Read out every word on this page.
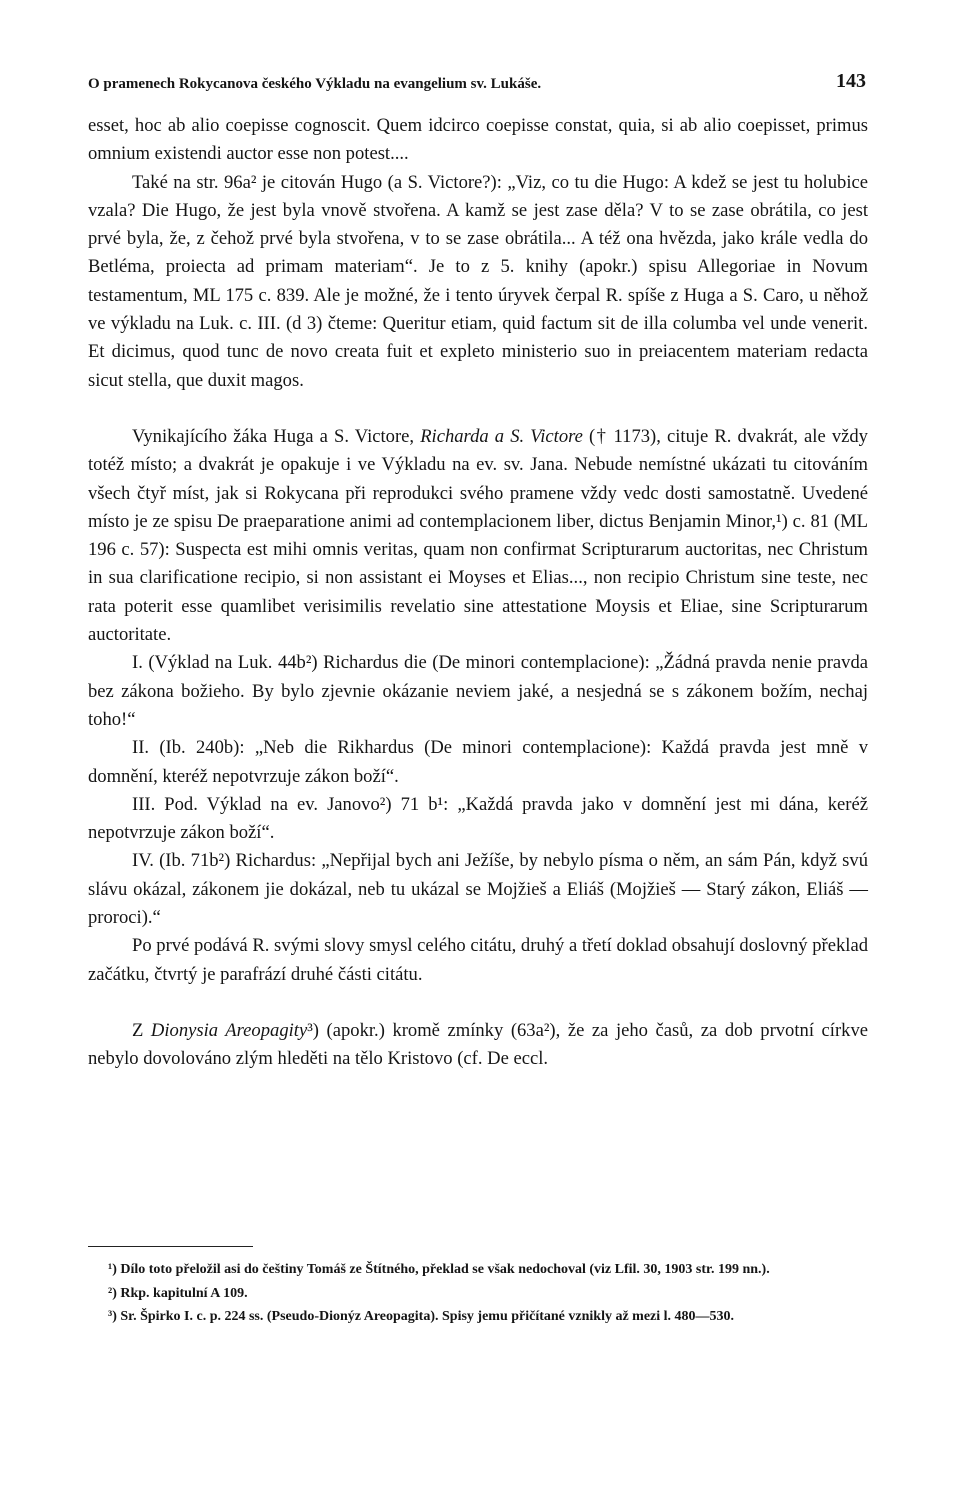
O pramenech Rokycanova českého Výkladu na evangelium sv. Lukáše.	143

esset, hoc ab alio coepisse cognoscit. Quem idcirco coepisse constat, quia, si ab alio coepisset, primus omnium existendi auctor esse non potest....

Také na str. 96a² je citován Hugo (a S. Victore?): „Viz, co tu die Hugo: A kdež se jest tu holubice vzala? Die Hugo, že jest byla vnově stvořena. A kamž se jest zase děla? V to se zase obrátila, co jest prvé byla, že, z čehož prvé byla stvořena, v to se zase obrátila... A též ona hvězda, jako krále vedla do Betléma, proiecta ad primam materiam“. Je to z 5. knihy (apokr.) spisu Allegoriae in Novum testamentum, ML 175 c. 839. Ale je možné, že i tento úryvek čerpal R. spíše z Huga a S. Caro, u něhož ve výkladu na Luk. c. III. (d 3) čteme: Queritur etiam, quid factum sit de illa columba vel unde venerit. Et dicimus, quod tunc de novo creata fuit et expleto ministerio suo in preiacentem materiam redacta sicut stella, que duxit magos.

Vynikajícího žáka Huga a S. Victore, Richarda a S. Victore († 1173), cituje R. dvakrát, ale vždy totéž místo; a dvakrát je opakuje i ve Výkladu na ev. sv. Jana. Nebude nemístné ukázati tu citováním všech čtyř míst, jak si Rokycana při reprodukci svého pramene vždy vedc dosti samostatně. Uvedené místo je ze spisu De praeparatione animi ad contemplacionem liber, dictus Benjamin Minor,¹) c. 81 (ML 196 c. 57): Suspecta est mihi omnis veritas, quam non confirmat Scripturarum auctoritas, nec Christum in sua clarificatione recipio, si non assistant ei Moyses et Elias..., non recipio Christum sine teste, nec rata poterit esse quamlibet verisimilis revelatio sine attestatione Moysis et Eliae, sine Scripturarum auctoritate.

I. (Výklad na Luk. 44b²) Richardus die (De minori contemplacione): „Žádná pravda nenie pravda bez zákona božieho. By bylo zjevnie okázanie neviem jaké, a nesjedná se s zákonem božím, nechaj toho!“

II. (Ib. 240b): „Neb die Rikhardus (De minori contemplacione): Každá pravda jest mně v domnění, kteréž nepotvrzuje zákon boží“.

III. Pod. Výklad na ev. Janovo²) 71 b¹: „Každá pravda jako v domnění jest mi dána, keréž nepotvrzuje zákon boží“.

IV. (Ib. 71b²) Richardus: „Nepřijal bych ani Ježíše, by nebylo písma o něm, an sám Pán, když svú slávu okázal, zákonem jie dokázal, neb tu ukázal se Mojžieš a Eliáš (Mojžieš — Starý zákon, Eliáš — proroci).“

Po prvé podává R. svými slovy smysl celého citátu, druhý a třetí doklad obsahují doslovný překlad začátku, čtvrtý je parafrází druhé části citátu.

Z Dionysia Areopagity³) (apokr.) kromě zmínky (63a²), že za jeho časů, za dob prvotní církve nebylo dovolováno zlým hleděti na tělo Kristovo (cf. De eccl.

¹) Dílo toto přeložil asi do češtiny Tomáš ze Štítného, překlad se však nedochoval (viz Lfil. 30, 1903 str. 199 nn.).

²) Rkp. kapitulní A 109.

³) Sr. Špirko I. c. p. 224 ss. (Pseudo-Dionýz Areopagita). Spisy jemu přičítané vznikly až mezi l. 480—530.
